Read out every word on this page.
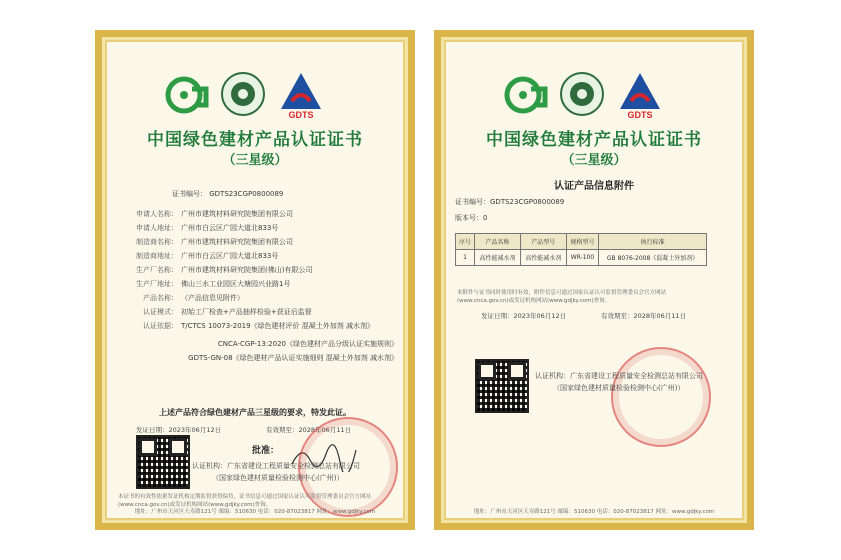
GDTS
中国绿色建材产品认证证书
（三星级）
证书编号： GDTS23CGP0800089
申请人名称： 广州市建筑材料研究院集团有限公司
申请人地址： 广州市白云区广园大道北833号
制造商名称： 广州市建筑材料研究院集团有限公司
制造商地址： 广州市白云区广园大道北833号
生产厂名称： 广州市建筑材料研究院集团(佛山)有限公司
生产厂地址： 佛山三水工业园区大塘园兴业路1号
产品名称： （产品信息见附件）
认证模式： 初始工厂检查+产品抽样检验+获证后监督
认证依据： T/CTCS 10073-2019《绿色建材评价 混凝土外加剂 减水剂》
CNCA-CGP-13:2020《绿色建材产品分级认证实施规则》
GDTS-GN-08《绿色建材产品认证实施细则 混凝土外加剂 减水剂》
上述产品符合绿色建材产品三星级的要求，特发此证。
发证日期：2023年06月12日	有效期至：2028年06月11日
批准：
认证机构：广东省建设工程质量安全检测总站有限公司
（国家绿色建材质量检验检测中心(广州)）
本证书的有效性依据发证机构定期监督获得保持，证书信息可通过国家认证认可监督管理委员会官方网站
(www.cnca.gov.cn)或发证机构网站(www.gdjky.com)查询。
地址：广州市天河区天寿路121号 邮编：510630 电话：020-87023817 网址：www.gdjky.com
GDTS
中国绿色建材产品认证证书
（三星级）
认证产品信息附件
证书编号：GDTS23CGP0800089
版本号：0
序号	产品名称	产品型号	规格型号	执行标准
1	高性能减水剂	高性能减水剂	WR-100	GB 8076-2008《混凝土外加剂》
本附件与证书同时使用时有效，附件信息可通过国家认证认可监督管理委员会官方网站
(www.cnca.gov.cn)或发证机构网站(www.gdjky.com)查询。
发证日期：2023年06月12日	有效期至：2028年06月11日
认证机构：广东省建设工程质量安全检测总站有限公司
（国家绿色建材质量检验检测中心(广州)）
地址：广州市天河区天寿路121号 邮编：510630 电话：020-87023817 网址：www.gdjky.com
